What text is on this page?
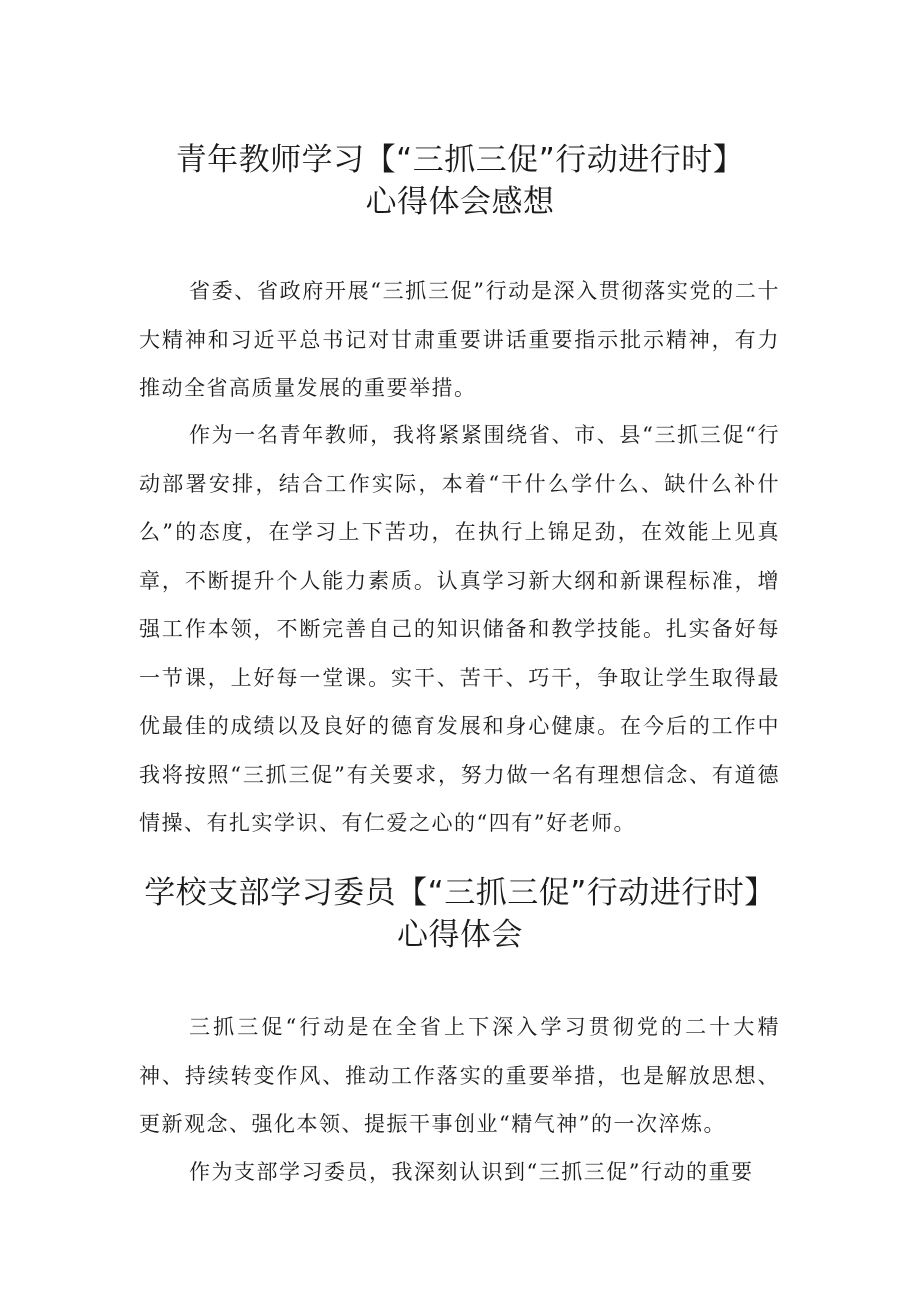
青年教师学习【“三抓三促”行动进行时】
心得体会感想

省委、省政府开展“三抓三促”行动是深入贯彻落实党的二十大精神和习近平总书记对甘肃重要讲话重要指示批示精神，有力推动全省高质量发展的重要举措。

作为一名青年教师，我将紧紧围绕省、市、县“三抓三促“行动部署安排，结合工作实际，本着“干什么学什么、缺什么补什么”的态度，在学习上下苦功，在执行上锦足劲，在效能上见真章，不断提升个人能力素质。认真学习新大纲和新课程标准，增强工作本领，不断完善自己的知识储备和教学技能。扎实备好每一节课，上好每一堂课。实干、苦干、巧干，争取让学生取得最优最佳的成绩以及良好的德育发展和身心健康。在今后的工作中我将按照“三抓三促”有关要求，努力做一名有理想信念、有道德情操、有扎实学识、有仁爱之心的“四有”好老师。

学校支部学习委员【“三抓三促”行动进行时】
心得体会

三抓三促“行动是在全省上下深入学习贯彻党的二十大精神、持续转变作风、推动工作落实的重要举措，也是解放思想、更新观念、强化本领、提振干事创业“精气神”的一次淬炼。

作为支部学习委员，我深刻认识到“三抓三促”行动的重要
